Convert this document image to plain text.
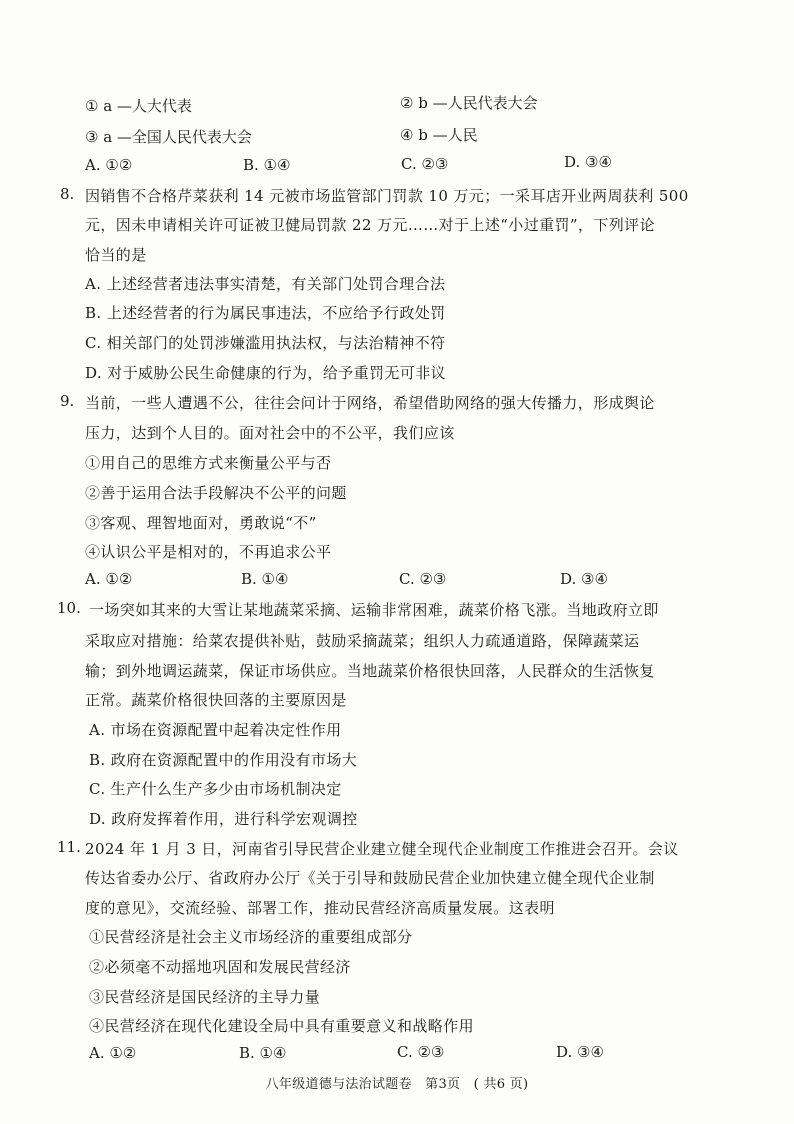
① a —人大代表	② b —人民代表大会
③ a —全国人民代表大会	④ b —人民
A. ①②	B. ①④	C. ②③	D. ③④
8. 因销售不合格芹菜获利 14 元被市场监管部门罚款 10 万元；一采耳店开业两周获利 500
元，因未申请相关许可证被卫健局罚款 22 万元……对于上述“小过重罚”，下列评论
恰当的是
A. 上述经营者违法事实清楚，有关部门处罚合理合法
B. 上述经营者的行为属民事违法，不应给予行政处罚
C. 相关部门的处罚涉嫌滥用执法权，与法治精神不符
D. 对于威胁公民生命健康的行为，给予重罚无可非议
9. 当前，一些人遭遇不公，往往会问计于网络，希望借助网络的强大传播力，形成舆论
压力，达到个人目的。面对社会中的不公平，我们应该
①用自己的思维方式来衡量公平与否
②善于运用合法手段解决不公平的问题
③客观、理智地面对，勇敢说“不”
④认识公平是相对的，不再追求公平
A. ①②	B. ①④	C. ②③	D. ③④
10. 一场突如其来的大雪让某地蔬菜采摘、运输非常困难，蔬菜价格飞涨。当地政府立即
采取应对措施：给菜农提供补贴，鼓励采摘蔬菜；组织人力疏通道路，保障蔬菜运
输；到外地调运蔬菜，保证市场供应。当地蔬菜价格很快回落，人民群众的生活恢复
正常。蔬菜价格很快回落的主要原因是
A. 市场在资源配置中起着决定性作用
B. 政府在资源配置中的作用没有市场大
C. 生产什么生产多少由市场机制决定
D. 政府发挥着作用，进行科学宏观调控
11. 2024 年 1 月 3 日，河南省引导民营企业建立健全现代企业制度工作推进会召开。会议
传达省委办公厅、省政府办公厅《关于引导和鼓励民营企业加快建立健全现代企业制
度的意见》，交流经验、部署工作，推动民营经济高质量发展。这表明
①民营经济是社会主义市场经济的重要组成部分
②必须毫不动摇地巩固和发展民营经济
③民营经济是国民经济的主导力量
④民营经济在现代化建设全局中具有重要意义和战略作用
A. ①②	B. ①④	C. ②③	D. ③④
八年级道德与法治试题卷　第3页　( 共6 页)
